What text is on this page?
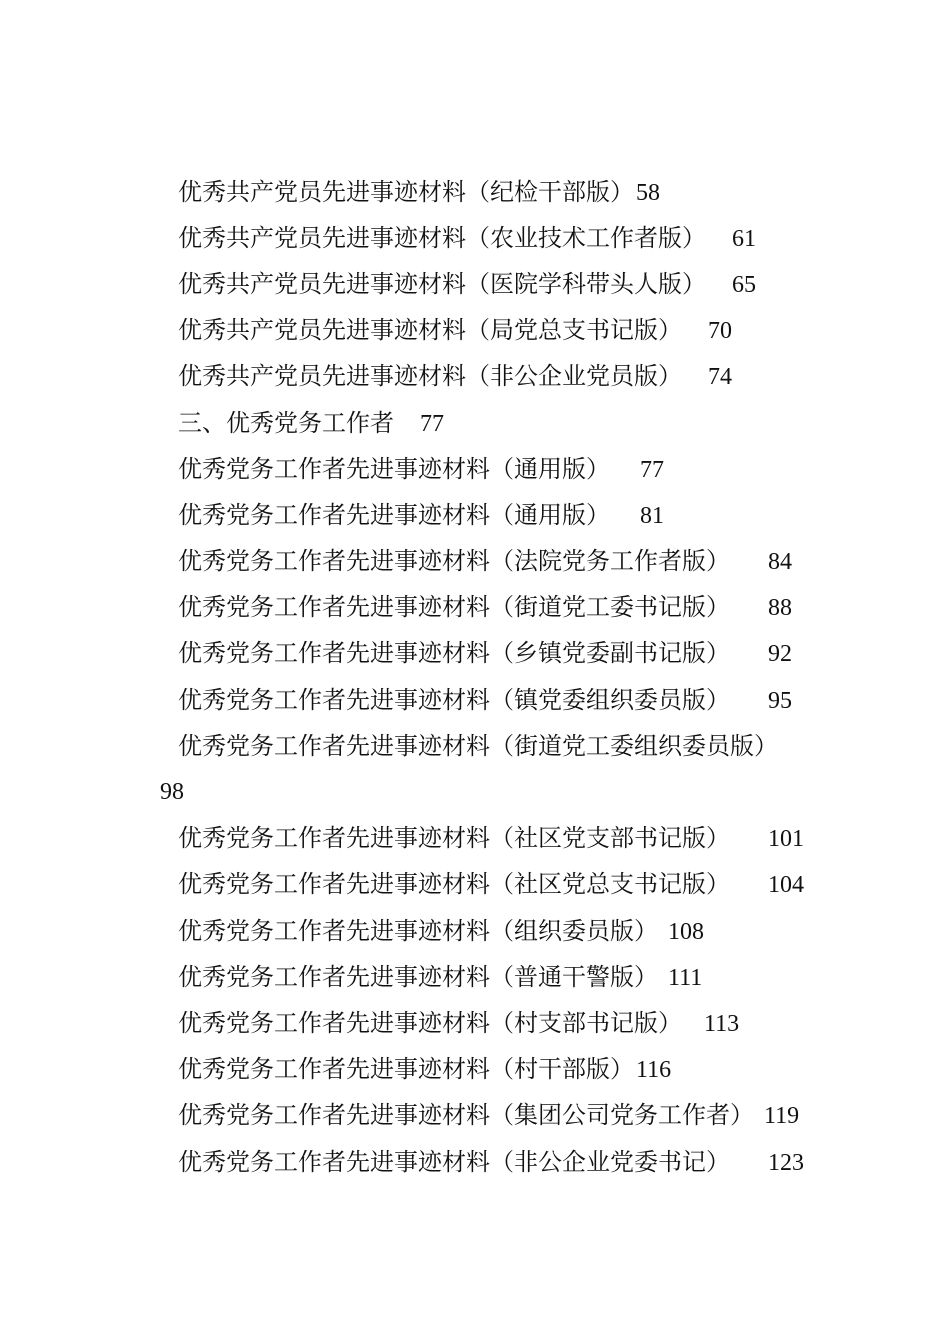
优秀共产党员先进事迹材料（纪检干部版）58
优秀共产党员先进事迹材料（农业技术工作者版） 61
优秀共产党员先进事迹材料（医院学科带头人版） 65
优秀共产党员先进事迹材料（局党总支书记版） 70
优秀共产党员先进事迹材料（非公企业党员版） 74
三、优秀党务工作者 77
优秀党务工作者先进事迹材料（通用版） 77
优秀党务工作者先进事迹材料（通用版） 81
优秀党务工作者先进事迹材料（法院党务工作者版） 84
优秀党务工作者先进事迹材料（街道党工委书记版） 88
优秀党务工作者先进事迹材料（乡镇党委副书记版） 92
优秀党务工作者先进事迹材料（镇党委组织委员版） 95
优秀党务工作者先进事迹材料（街道党工委组织委员版）
98
优秀党务工作者先进事迹材料（社区党支部书记版） 101
优秀党务工作者先进事迹材料（社区党总支书记版） 104
优秀党务工作者先进事迹材料（组织委员版） 108
优秀党务工作者先进事迹材料（普通干警版） 111
优秀党务工作者先进事迹材料（村支部书记版） 113
优秀党务工作者先进事迹材料（村干部版）116
优秀党务工作者先进事迹材料（集团公司党务工作者） 119
优秀党务工作者先进事迹材料（非公企业党委书记） 123
